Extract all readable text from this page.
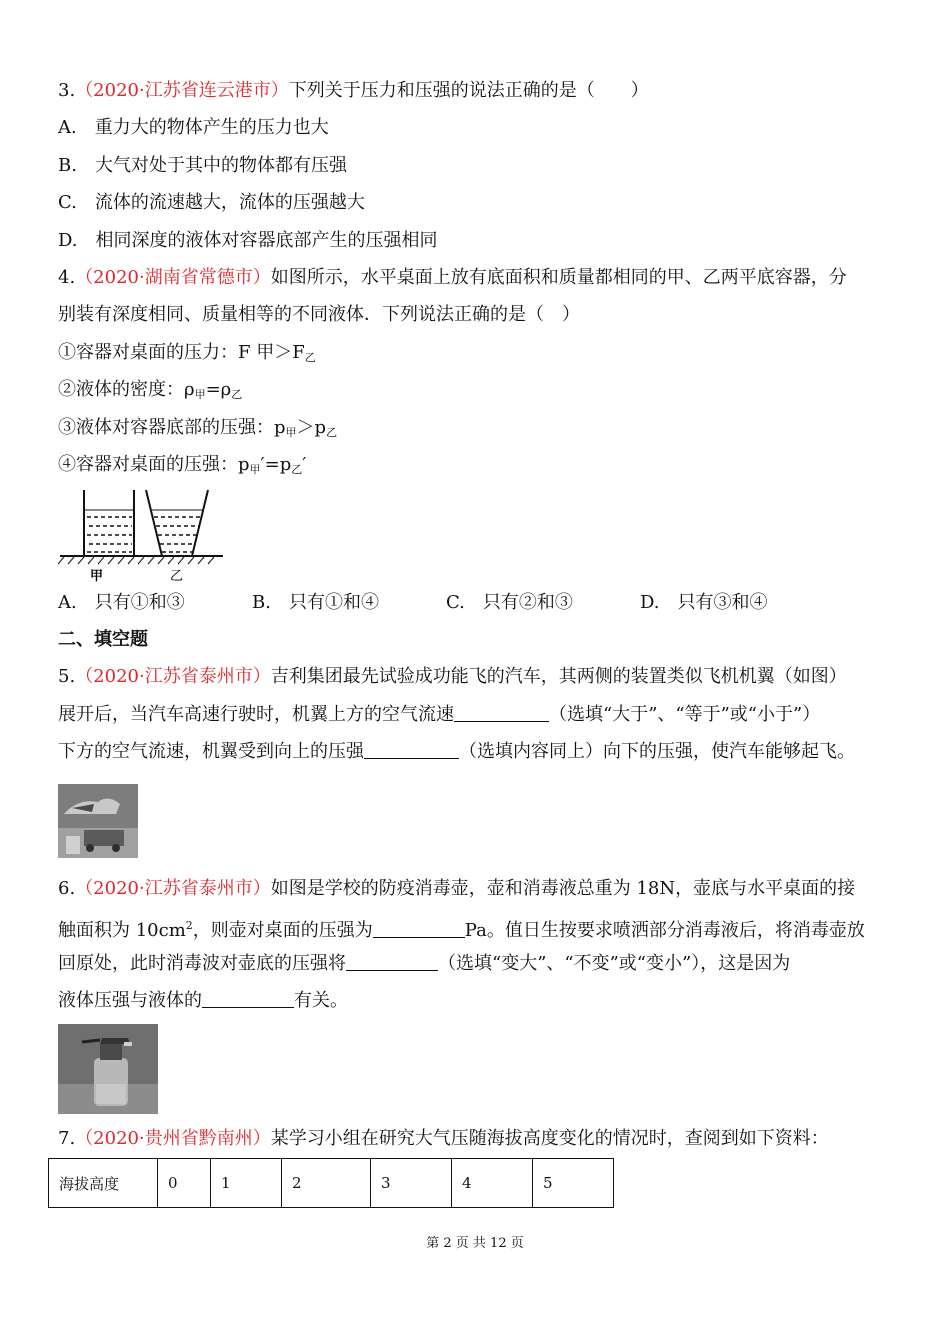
3.（2020·江苏省连云港市）下列关于压力和压强的说法正确的是（　　）
A.　重力大的物体产生的压力也大
B.　大气对处于其中的物体都有压强
C.　流体的流速越大，流体的压强越大
D.　相同深度的液体对容器底部产生的压强相同
4.（2020·湖南省常德市）如图所示，水平桌面上放有底面积和质量都相同的甲、乙两平底容器，分
别装有深度相同、质量相等的不同液体．下列说法正确的是（　）
①容器对桌面的压力：F 甲$>F_乙$
②液体的密度：$\rho_甲=\rho_乙$
③液体对容器底部的压强：$p_甲>p_乙$
④容器对桌面的压强：$p_甲'=p_乙'$
甲	乙
A.　只有①和③	B.　只有①和④	C.　只有②和③	D.　只有③和④
二、填空题
5.（2020·江苏省泰州市）吉利集团最先试验成功能飞的汽车，其两侧的装置类似飞机机翼（如图）
展开后，当汽车高速行驶时，机翼上方的空气流速	（选填“大于”、“等于”或“小于”）
下方的空气流速，机翼受到向上的压强	（选填内容同上）向下的压强，使汽车能够起飞。
6.（2020·江苏省泰州市）如图是学校的防疫消毒壶，壶和消毒液总重为 18N，壶底与水平桌面的接
触面积为 $10cm^2$，则壶对桌面的压强为	Pa。值日生按要求喷洒部分消毒液后，将消毒壶放
回原处，此时消毒波对壶底的压强将	（选填“变大”、“不变”或“变小”），这是因为
液体压强与液体的	有关。
7.（2020·贵州省黔南州）某学习小组在研究大气压随海拔高度变化的情况时，查阅到如下资料：
海拔高度	0	1	2	3	4	5
第 2 页 共 12 页
